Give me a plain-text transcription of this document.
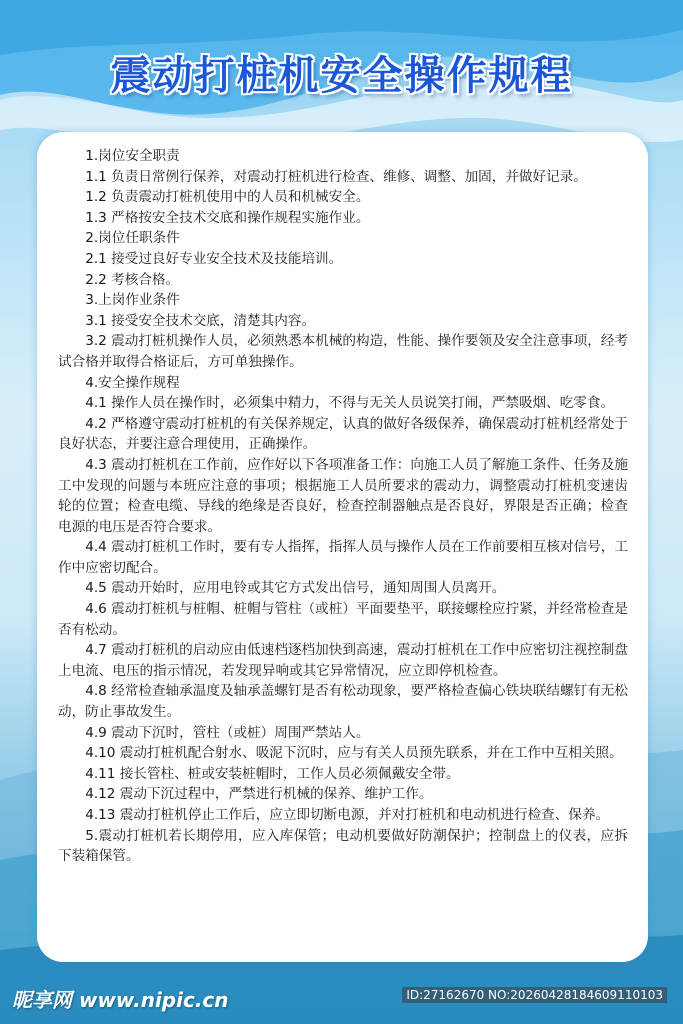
震动打桩机安全操作规程

1.岗位安全职责

1.1 负责日常例行保养，对震动打桩机进行检查、维修、调整、加固，并做好记录。

1.2 负责震动打桩机使用中的人员和机械安全。

1.3 严格按安全技术交底和操作规程实施作业。

2.岗位任职条件

2.1 接受过良好专业安全技术及技能培训。

2.2 考核合格。

3.上岗作业条件

3.1 接受安全技术交底，清楚其内容。

3.2 震动打桩机操作人员，必须熟悉本机械的构造，性能、操作要领及安全注意事项，经考试合格并取得合格证后，方可单独操作。

4.安全操作规程

4.1 操作人员在操作时，必须集中精力，不得与无关人员说笑打闹，严禁吸烟、吃零食。

4.2 严格遵守震动打桩机的有关保养规定，认真的做好各级保养，确保震动打桩机经常处于良好状态，并要注意合理使用，正确操作。

4.3 震动打桩机在工作前，应作好以下各项准备工作：向施工人员了解施工条件、任务及施工中发现的问题与本班应注意的事项；根据施工人员所要求的震动力，调整震动打桩机变速齿轮的位置；检查电缆、导线的绝缘是否良好，检查控制器触点是否良好，界限是否正确；检查电源的电压是否符合要求。

4.4 震动打桩机工作时，要有专人指挥，指挥人员与操作人员在工作前要相互核对信号，工作中应密切配合。

4.5 震动开始时，应用电铃或其它方式发出信号，通知周围人员离开。

4.6 震动打桩机与桩帽、桩帽与管柱（或桩）平面要垫平，联接螺栓应拧紧，并经常检查是否有松动。

4.7 震动打桩机的启动应由低速档逐档加快到高速，震动打桩机在工作中应密切注视控制盘上电流、电压的指示情况，若发现异响或其它异常情况，应立即停机检查。

4.8 经常检查轴承温度及轴承盖螺钉是否有松动现象，要严格检查偏心铁块联结螺钉有无松动，防止事故发生。

4.9 震动下沉时，管柱（或桩）周围严禁站人。

4.10 震动打桩机配合射水、吸泥下沉时，应与有关人员预先联系，并在工作中互相关照。

4.11 接长管柱、桩或安装桩帽时，工作人员必须佩戴安全带。

4.12 震动下沉过程中，严禁进行机械的保养、维护工作。

4.13 震动打桩机停止工作后，应立即切断电源，并对打桩机和电动机进行检查、保养。

5.震动打桩机若长期停用，应入库保管；电动机要做好防潮保护；控制盘上的仪表，应拆下装箱保管。

昵享网 www.nipic.cn	ID:27162670 NO:20260428184609110103
